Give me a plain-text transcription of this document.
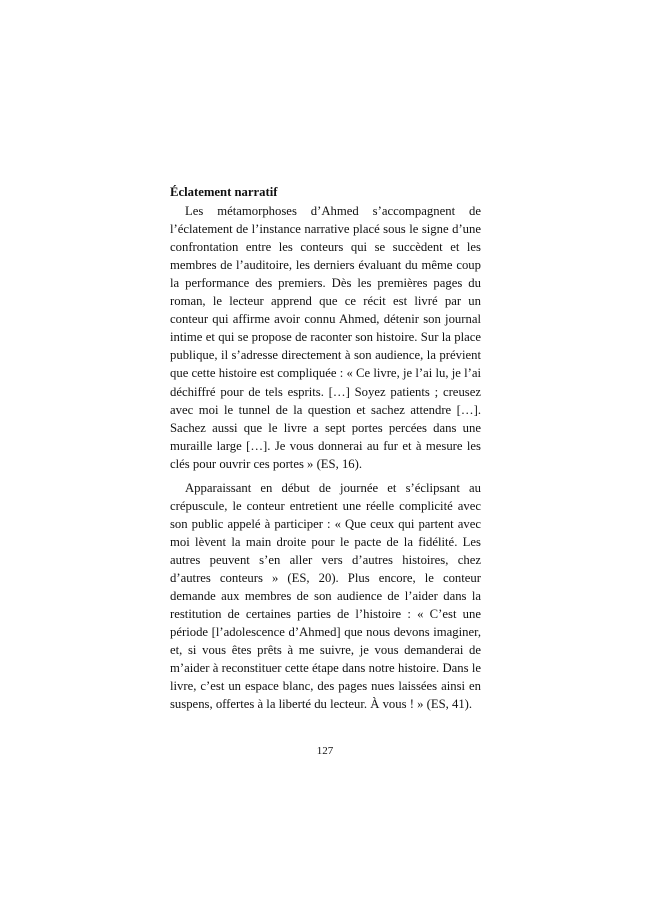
Éclatement narratif

Les métamorphoses d’Ahmed s’accompagnent de l’éclatement de l’instance narrative placé sous le signe d’une confrontation entre les conteurs qui se succèdent et les membres de l’auditoire, les derniers évaluant du même coup la performance des premiers. Dès les premières pages du roman, le lecteur apprend que ce récit est livré par un conteur qui affirme avoir connu Ahmed, détenir son journal intime et qui se propose de raconter son histoire. Sur la place publique, il s’adresse directement à son audience, la prévient que cette histoire est compliquée : « Ce livre, je l’ai lu, je l’ai déchiffré pour de tels esprits. […] Soyez patients ; creusez avec moi le tunnel de la question et sachez attendre […]. Sachez aussi que le livre a sept portes percées dans une muraille large […]. Je vous donnerai au fur et à mesure les clés pour ouvrir ces portes » (ES, 16).

Apparaissant en début de journée et s’éclipsant au crépuscule, le conteur entretient une réelle complicité avec son public appelé à participer : « Que ceux qui partent avec moi lèvent la main droite pour le pacte de la fidélité. Les autres peuvent s’en aller vers d’autres histoires, chez d’autres conteurs » (ES, 20). Plus encore, le conteur demande aux membres de son audience de l’aider dans la restitution de certaines parties de l’histoire : « C’est une période [l’adolescence d’Ahmed] que nous devons imaginer, et, si vous êtes prêts à me suivre, je vous demanderai de m’aider à reconstituer cette étape dans notre histoire. Dans le livre, c’est un espace blanc, des pages nues laissées ainsi en suspens, offertes à la liberté du lecteur. À vous ! » (ES, 41).

127
